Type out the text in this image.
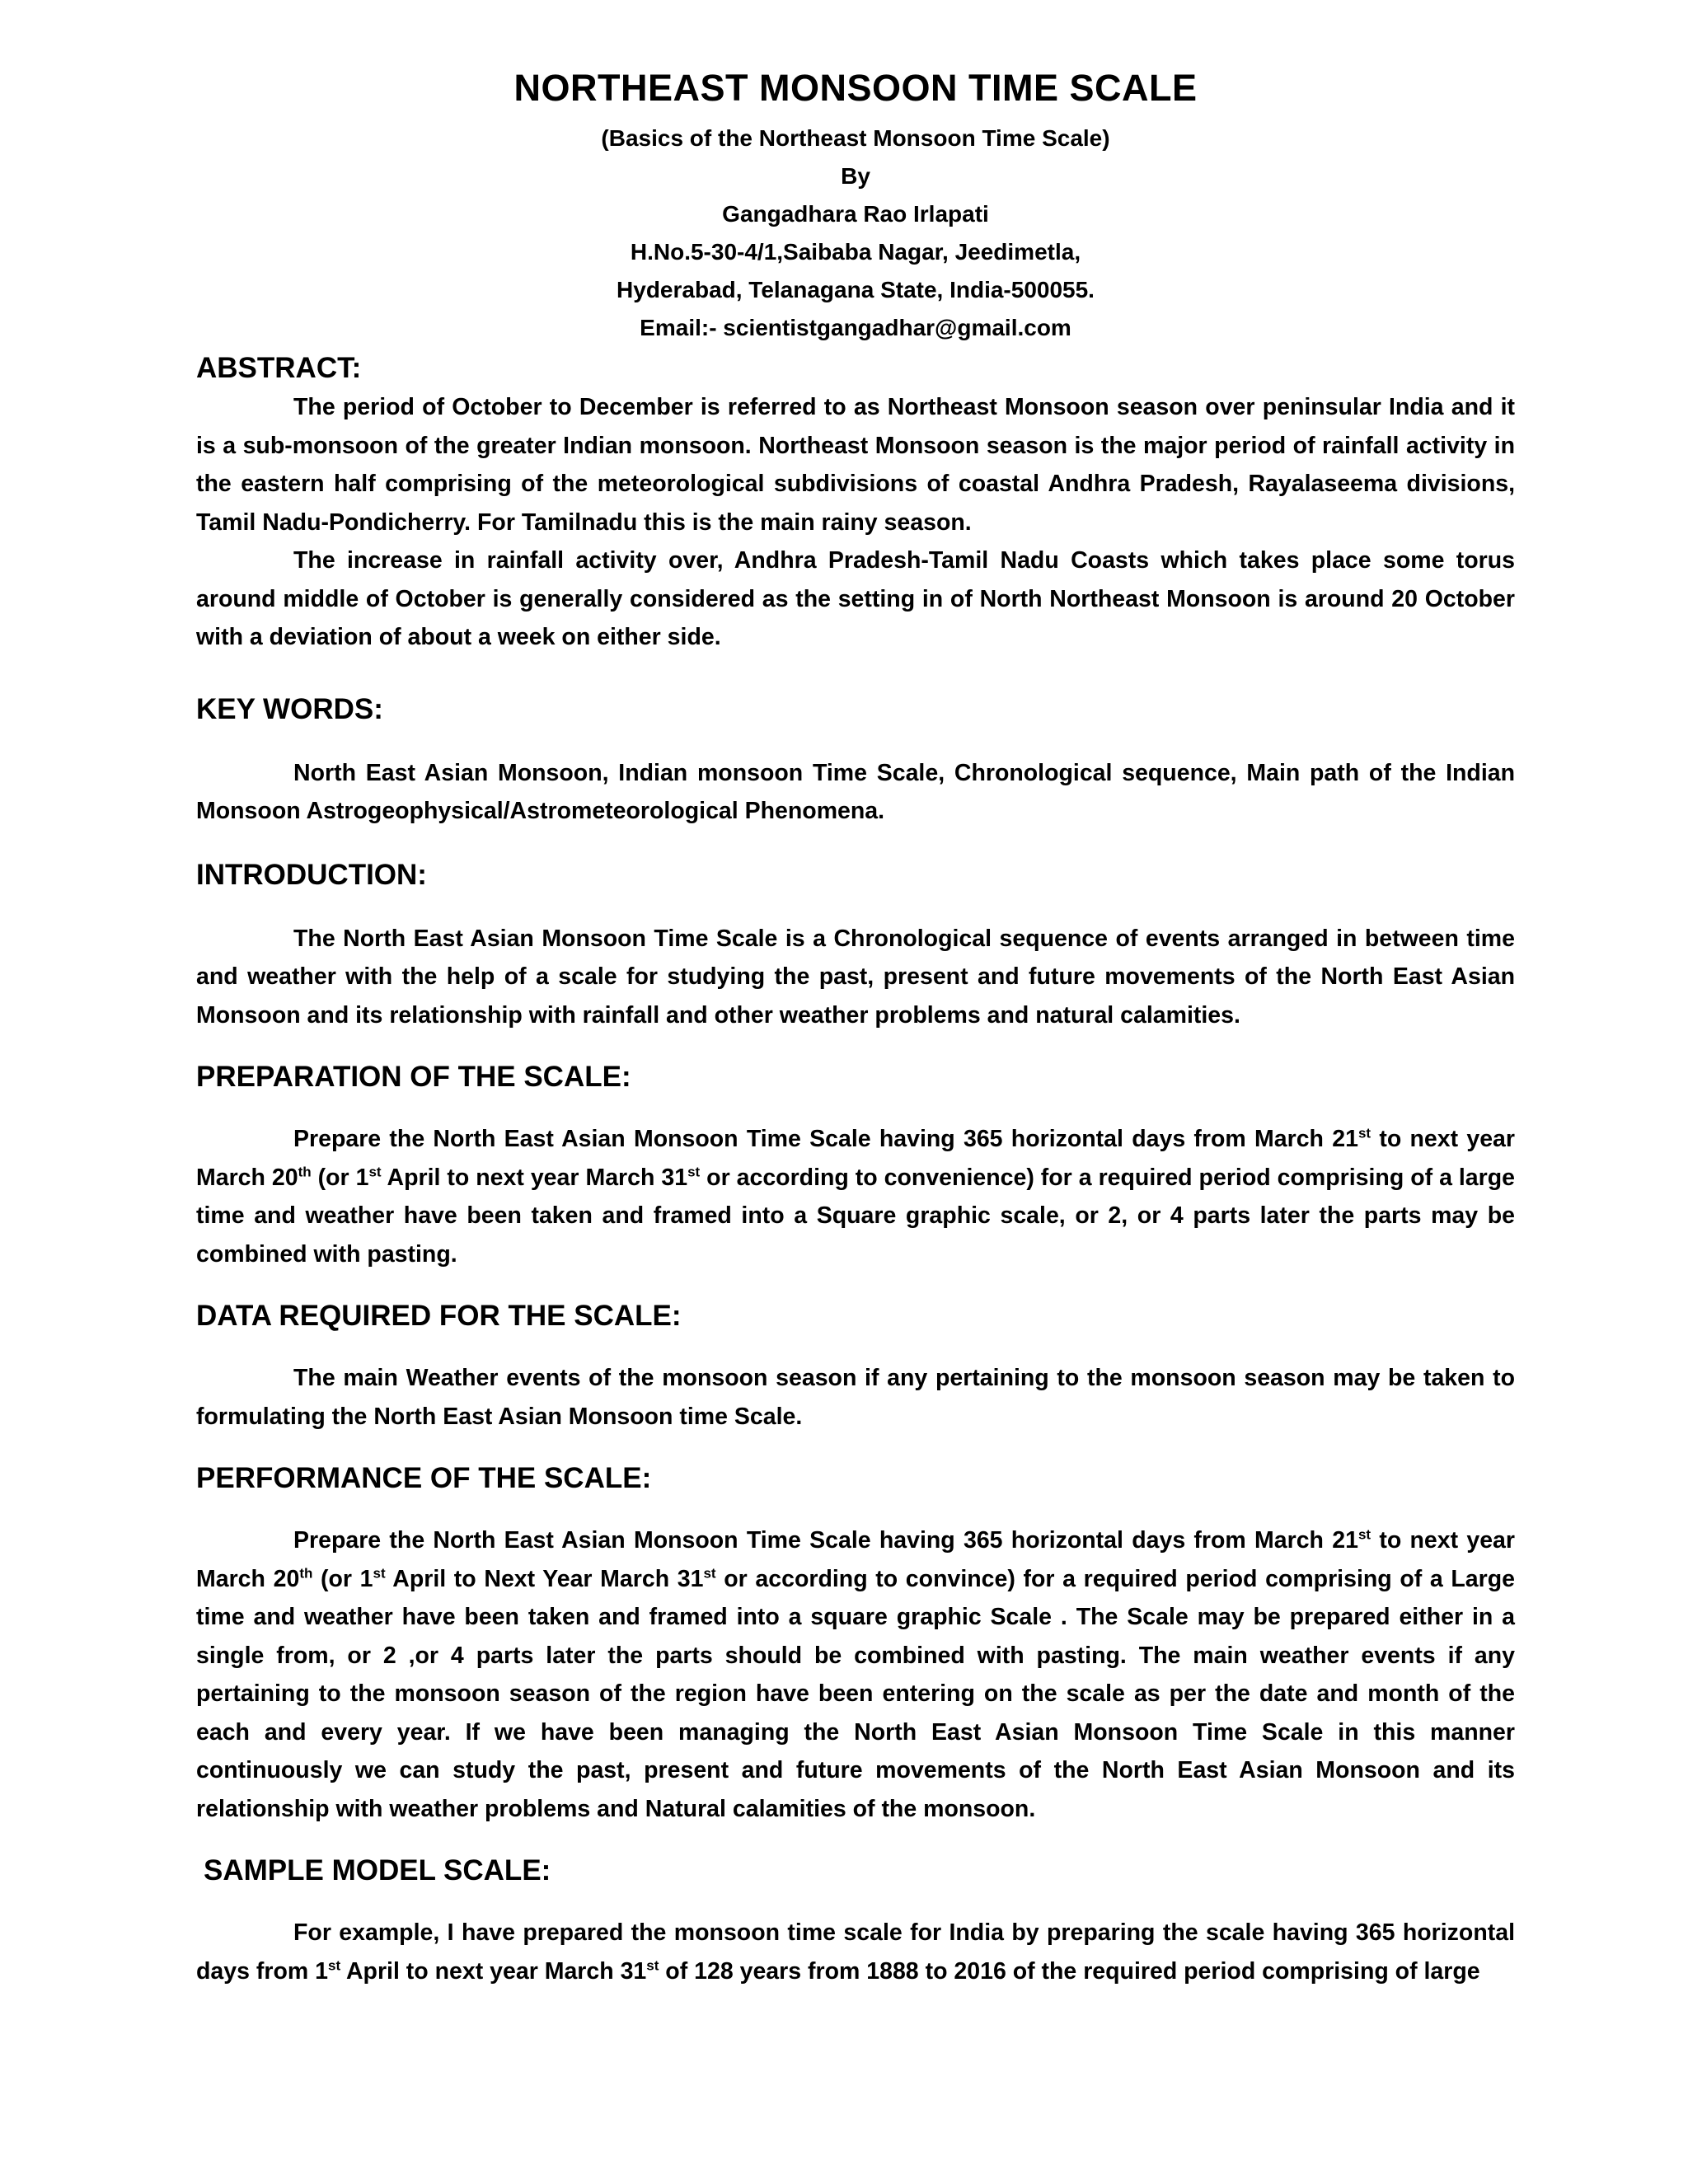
NORTHEAST MONSOON TIME SCALE

(Basics of the Northeast Monsoon Time Scale)

By

Gangadhara Rao Irlapati

H.No.5-30-4/1,Saibaba Nagar, Jeedimetla,

Hyderabad, Telanagana State, India-500055.

Email:- scientistgangadhar@gmail.com

ABSTRACT:

The period of October to December is referred to as Northeast Monsoon season over peninsular India and it is a sub-monsoon of the greater Indian monsoon. Northeast Monsoon season is the major period of rainfall activity in the eastern half comprising of the meteorological subdivisions of coastal Andhra Pradesh, Rayalaseema divisions, Tamil Nadu-Pondicherry. For Tamilnadu this is the main rainy season.

The increase in rainfall activity over, Andhra Pradesh-Tamil Nadu Coasts which takes place some torus around middle of October is generally considered as the setting in of North Northeast Monsoon is around 20 October with a deviation of about a week on either side.

KEY WORDS:

North East Asian Monsoon, Indian monsoon Time Scale, Chronological sequence, Main path of the Indian Monsoon Astrogeophysical/Astrometeorological Phenomena.

INTRODUCTION:

The North East Asian Monsoon Time Scale is a Chronological sequence of events arranged in between time and weather with the help of a scale for studying the past, present and future movements of the North East Asian Monsoon and its relationship with rainfall and other weather problems and natural calamities.

PREPARATION OF THE SCALE:

Prepare the North East Asian Monsoon Time Scale having 365 horizontal days from March 21st to next year March 20th (or 1st April to next year March 31st or according to convenience) for a required period comprising of a large time and weather have been taken and framed into a Square graphic scale, or 2, or 4 parts later the parts may be combined with pasting.

DATA REQUIRED FOR THE SCALE:

The main Weather events of the monsoon season if any pertaining to the monsoon season may be taken to formulating the North East Asian Monsoon time Scale.

PERFORMANCE OF THE SCALE:

Prepare the North East Asian Monsoon Time Scale having 365 horizontal days from March 21st to next year March 20th (or 1st April to Next Year March 31st or according to convince) for a required period comprising of a Large time and weather have been taken and framed into a square graphic Scale . The Scale may be prepared either in a single from, or 2 ,or 4 parts later the parts should be combined with pasting. The main weather events if any pertaining to the monsoon season of the region have been entering on the scale as per the date and month of the each and every year. If we have been managing the North East Asian Monsoon Time Scale in this manner continuously we can study the past, present and future movements of the North East Asian Monsoon and its relationship with weather problems and Natural calamities of the monsoon.

SAMPLE MODEL SCALE:

For example, I have prepared the monsoon time scale for India by preparing the scale having 365 horizontal days from 1st April to next year March 31st of 128 years from 1888 to 2016 of the required period comprising of large
